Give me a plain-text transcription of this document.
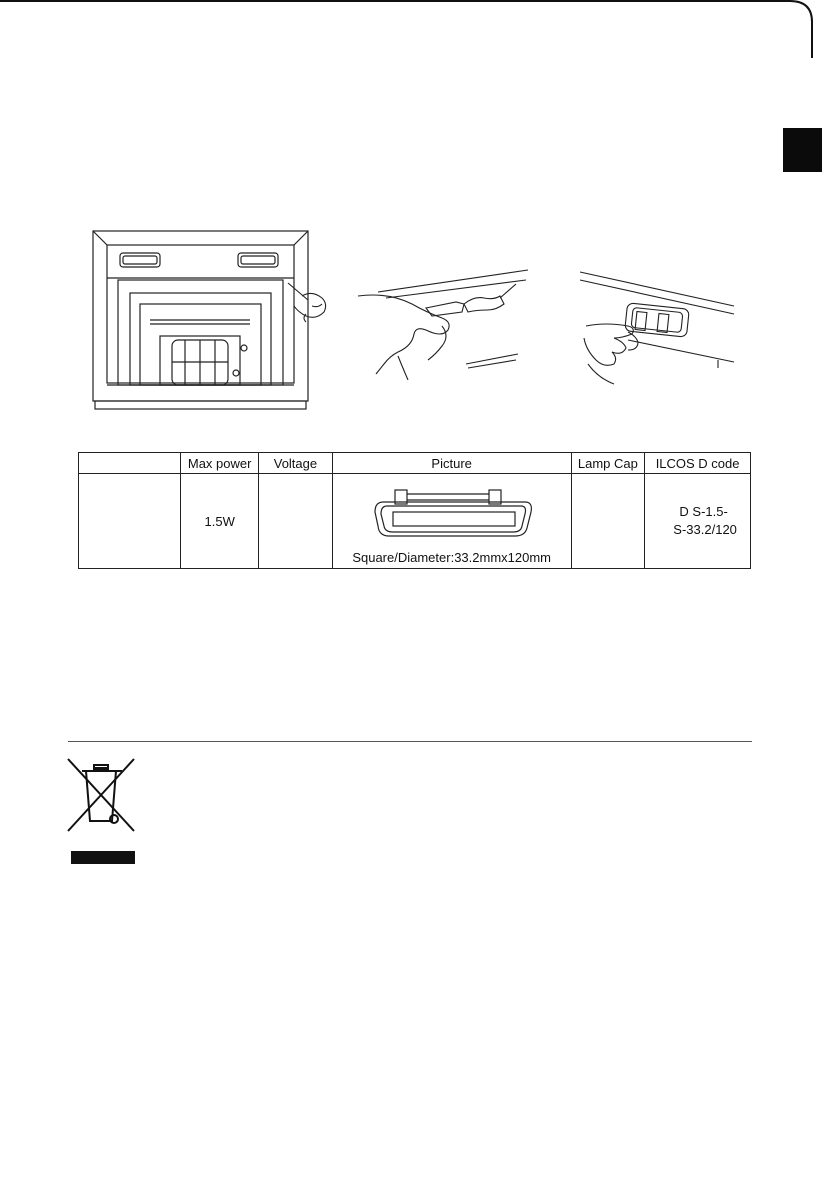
	Max power	Voltage	Picture	Lamp Cap	ILCOS D code
	1.5W		Square/Diameter:33.2mmx120mm		D S-1.5-
S-33.2/120
